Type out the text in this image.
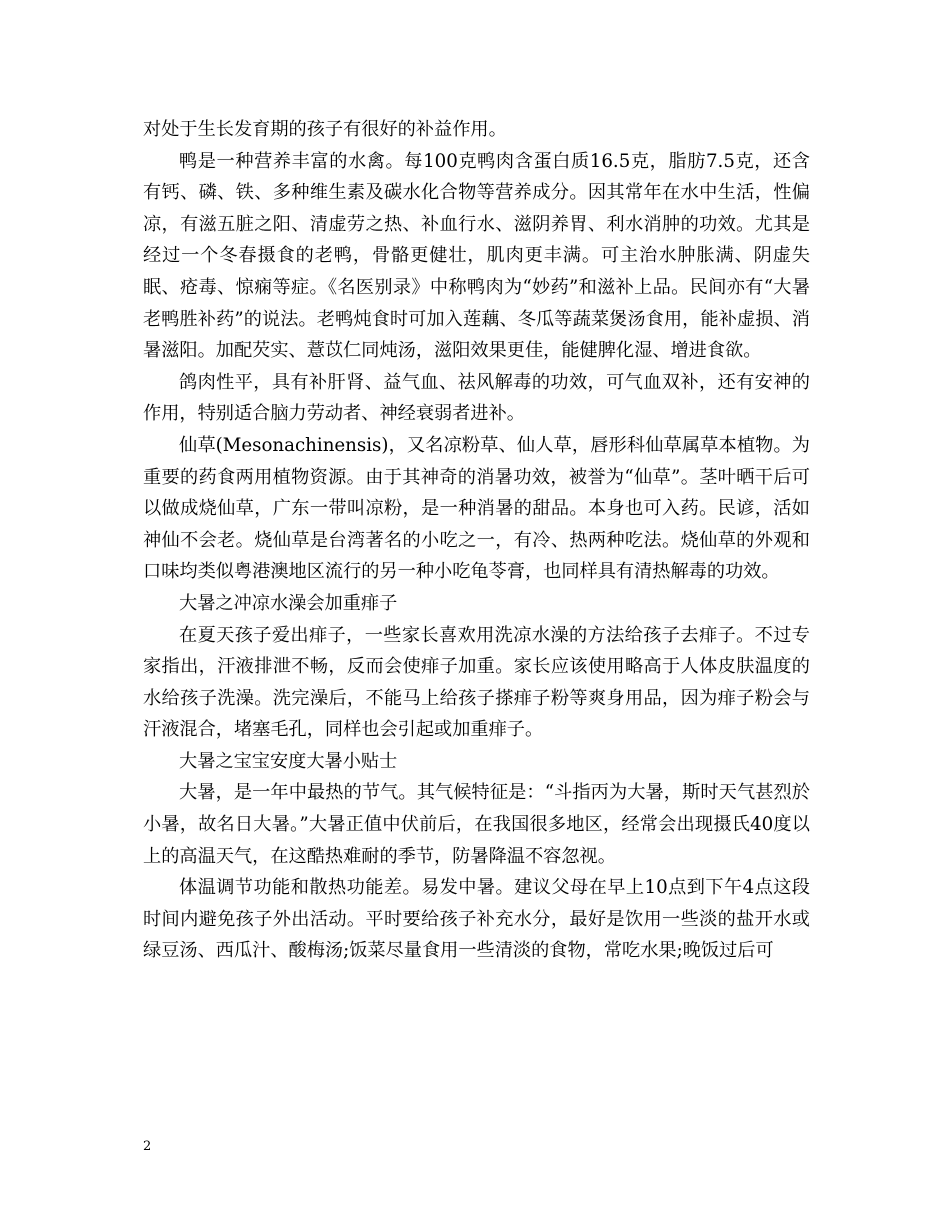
对处于生长发育期的孩子有很好的补益作用。

鸭是一种营养丰富的水禽。每100克鸭肉含蛋白质16.5克，脂肪7.5克，还含有钙、磷、铁、多种维生素及碳水化合物等营养成分。因其常年在水中生活，性偏凉，有滋五脏之阳、清虚劳之热、补血行水、滋阴养胃、利水消肿的功效。尤其是经过一个冬春摄食的老鸭，骨骼更健壮，肌肉更丰满。可主治水肿胀满、阴虚失眠、疮毒、惊痫等症。《名医别录》中称鸭肉为“妙药”和滋补上品。民间亦有“大暑老鸭胜补药”的说法。老鸭炖食时可加入莲藕、冬瓜等蔬菜煲汤食用，能补虚损、消暑滋阳。加配芡实、薏苡仁同炖汤，滋阳效果更佳，能健脾化湿、增进食欲。

鸽肉性平，具有补肝肾、益气血、祛风解毒的功效，可气血双补，还有安神的作用，特别适合脑力劳动者、神经衰弱者进补。

仙草(Mesonachinensis)，又名凉粉草、仙人草，唇形科仙草属草本植物。为重要的药食两用植物资源。由于其神奇的消暑功效，被誉为“仙草”。茎叶晒干后可以做成烧仙草，广东一带叫凉粉，是一种消暑的甜品。本身也可入药。民谚，活如神仙不会老。烧仙草是台湾著名的小吃之一，有冷、热两种吃法。烧仙草的外观和口味均类似粤港澳地区流行的另一种小吃龟苓膏，也同样具有清热解毒的功效。

大暑之冲凉水澡会加重痱子

在夏天孩子爱出痱子，一些家长喜欢用洗凉水澡的方法给孩子去痱子。不过专家指出，汗液排泄不畅，反而会使痱子加重。家长应该使用略高于人体皮肤温度的水给孩子洗澡。洗完澡后，不能马上给孩子搽痱子粉等爽身用品，因为痱子粉会与汗液混合，堵塞毛孔，同样也会引起或加重痱子。

大暑之宝宝安度大暑小贴士

大暑，是一年中最热的节气。其气候特征是：“斗指丙为大暑，斯时天气甚烈於小暑，故名日大暑。”大暑正值中伏前后，在我国很多地区，经常会出现摄氏40度以上的高温天气，在这酷热难耐的季节，防暑降温不容忽视。

体温调节功能和散热功能差。易发中暑。建议父母在早上10点到下午4点这段时间内避免孩子外出活动。平时要给孩子补充水分，最好是饮用一些淡的盐开水或绿豆汤、西瓜汁、酸梅汤;饭菜尽量食用一些清淡的食物，常吃水果;晚饭过后可

2
